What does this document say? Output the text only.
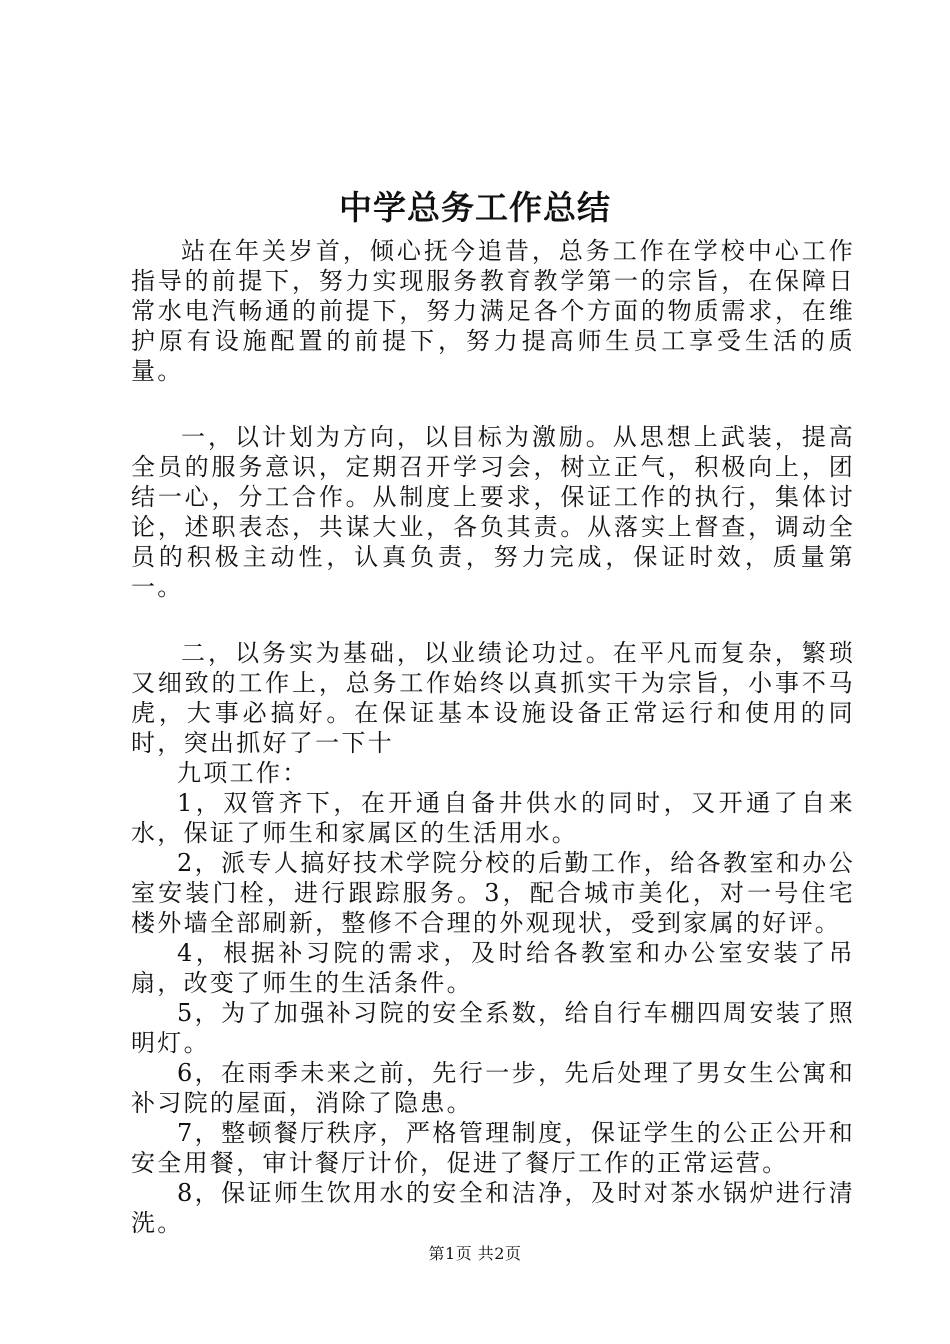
中学总务工作总结

站在年关岁首，倾心抚今追昔，总务工作在学校中心工作指导的前提下，努力实现服务教育教学第一的宗旨，在保障日常水电汽畅通的前提下，努力满足各个方面的物质需求，在维护原有设施配置的前提下，努力提高师生员工享受生活的质量。

一，以计划为方向，以目标为激励。从思想上武装，提高全员的服务意识，定期召开学习会，树立正气，积极向上，团结一心，分工合作。从制度上要求，保证工作的执行，集体讨论，述职表态，共谋大业，各负其责。从落实上督查，调动全员的积极主动性，认真负责，努力完成，保证时效，质量第一。

二，以务实为基础，以业绩论功过。在平凡而复杂，繁琐又细致的工作上，总务工作始终以真抓实干为宗旨，小事不马虎，大事必搞好。在保证基本设施设备正常运行和使用的同时，突出抓好了一下十

九项工作：

1，双管齐下，在开通自备井供水的同时，又开通了自来水，保证了师生和家属区的生活用水。

2，派专人搞好技术学院分校的后勤工作，给各教室和办公室安装门栓，进行跟踪服务。3，配合城市美化，对一号住宅楼外墙全部刷新，整修不合理的外观现状，受到家属的好评。

4，根据补习院的需求，及时给各教室和办公室安装了吊扇，改变了师生的生活条件。

5，为了加强补习院的安全系数，给自行车棚四周安装了照明灯。

6，在雨季未来之前，先行一步，先后处理了男女生公寓和补习院的屋面，消除了隐患。

7，整顿餐厅秩序，严格管理制度，保证学生的公正公开和安全用餐，审计餐厅计价，促进了餐厅工作的正常运营。

8，保证师生饮用水的安全和洁净，及时对茶水锅炉进行清洗。

第1页 共2页
